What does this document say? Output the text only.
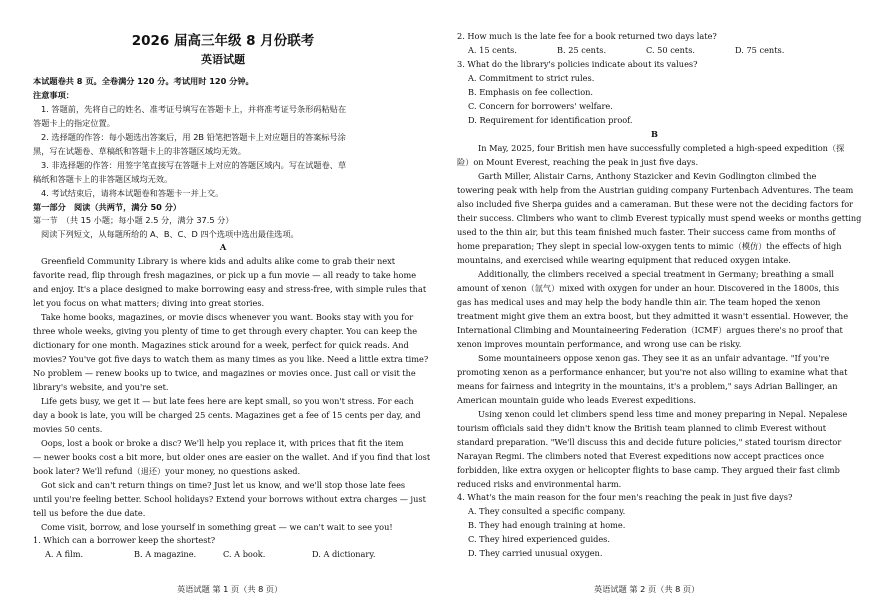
2026 届高三年级 8 月份联考
英语试题
本试题卷共 8 页。全卷满分 120 分。考试用时 120 分钟。
注意事项：
1. 答题前，先将自己的姓名、准考证号填写在答题卡上，并将准考证号条形码粘贴在
答题卡上的指定位置。
2. 选择题的作答：每小题选出答案后，用 2B 铅笔把答题卡上对应题目的答案标号涂
黑，写在试题卷、草稿纸和答题卡上的非答题区域均无效。
3. 非选择题的作答：用签字笔直接写在答题卡上对应的答题区域内。写在试题卷、草
稿纸和答题卡上的非答题区域均无效。
4. 考试结束后，请将本试题卷和答题卡一并上交。
第一部分　阅读（共两节，满分 50 分）
第一节　（共 15 小题；每小题 2.5 分，满分 37.5 分）
阅读下列短文，从每题所给的 A、B、C、D 四个选项中选出最佳选项。
A
Greenfield Community Library is where kids and adults alike come to grab their next
favorite read, flip through fresh magazines, or pick up a fun movie — all ready to take home
and enjoy. It's a place designed to make borrowing easy and stress-free, with simple rules that
let you focus on what matters; diving into great stories.
Take home books, magazines, or movie discs whenever you want. Books stay with you for
three whole weeks, giving you plenty of time to get through every chapter. You can keep the
dictionary for one month. Magazines stick around for a week, perfect for quick reads. And
movies? You've got five days to watch them as many times as you like. Need a little extra time?
No problem — renew books up to twice, and magazines or movies once. Just call or visit the
library's website, and you're set.
Life gets busy, we get it — but late fees here are kept small, so you won't stress. For each
day a book is late, you will be charged 25 cents. Magazines get a fee of 15 cents per day, and
movies 50 cents.
Oops, lost a book or broke a disc? We'll help you replace it, with prices that fit the item
— newer books cost a bit more, but older ones are easier on the wallet. And if you find that lost
book later? We'll refund（退还）your money, no questions asked.
Got sick and can't return things on time? Just let us know, and we'll stop those late fees
until you're feeling better. School holidays? Extend your borrows without extra charges — just
tell us before the due date.
Come visit, borrow, and lose yourself in something great — we can't wait to see you!
1. Which can a borrower keep the shortest?
A. A film.	B. A magazine.	C. A book.	D. A dictionary.
英语试题 第 1 页（共 8 页）
2. How much is the late fee for a book returned two days late?
A. 15 cents.	B. 25 cents.	C. 50 cents.	D. 75 cents.
3. What do the library's policies indicate about its values?
A. Commitment to strict rules.
B. Emphasis on fee collection.
C. Concern for borrowers' welfare.
D. Requirement for identification proof.
B
In May, 2025, four British men have successfully completed a high-speed expedition（探
险）on Mount Everest, reaching the peak in just five days.
Garth Miller, Alistair Carns, Anthony Stazicker and Kevin Godlington climbed the
towering peak with help from the Austrian guiding company Furtenbach Adventures. The team
also included five Sherpa guides and a cameraman. But these were not the deciding factors for
their success. Climbers who want to climb Everest typically must spend weeks or months getting
used to the thin air, but this team finished much faster. Their success came from months of
home preparation; They slept in special low-oxygen tents to mimic（模仿）the effects of high
mountains, and exercised while wearing equipment that reduced oxygen intake.
Additionally, the climbers received a special treatment in Germany; breathing a small
amount of xenon（氙气）mixed with oxygen for under an hour. Discovered in the 1800s, this
gas has medical uses and may help the body handle thin air. The team hoped the xenon
treatment might give them an extra boost, but they admitted it wasn't essential. However, the
International Climbing and Mountaineering Federation（ICMF）argues there's no proof that
xenon improves mountain performance, and wrong use can be risky.
Some mountaineers oppose xenon gas. They see it as an unfair advantage. "If you're
promoting xenon as a performance enhancer, but you're not also willing to examine what that
means for fairness and integrity in the mountains, it's a problem," says Adrian Ballinger, an
American mountain guide who leads Everest expeditions.
Using xenon could let climbers spend less time and money preparing in Nepal. Nepalese
tourism officials said they didn't know the British team planned to climb Everest without
standard preparation. "We'll discuss this and decide future policies," stated tourism director
Narayan Regmi. The climbers noted that Everest expeditions now accept practices once
forbidden, like extra oxygen or helicopter flights to base camp. They argued their fast climb
reduced risks and environmental harm.
4. What's the main reason for the four men's reaching the peak in just five days?
A. They consulted a specific company.
B. They had enough training at home.
C. They hired experienced guides.
D. They carried unusual oxygen.
英语试题 第 2 页（共 8 页）
